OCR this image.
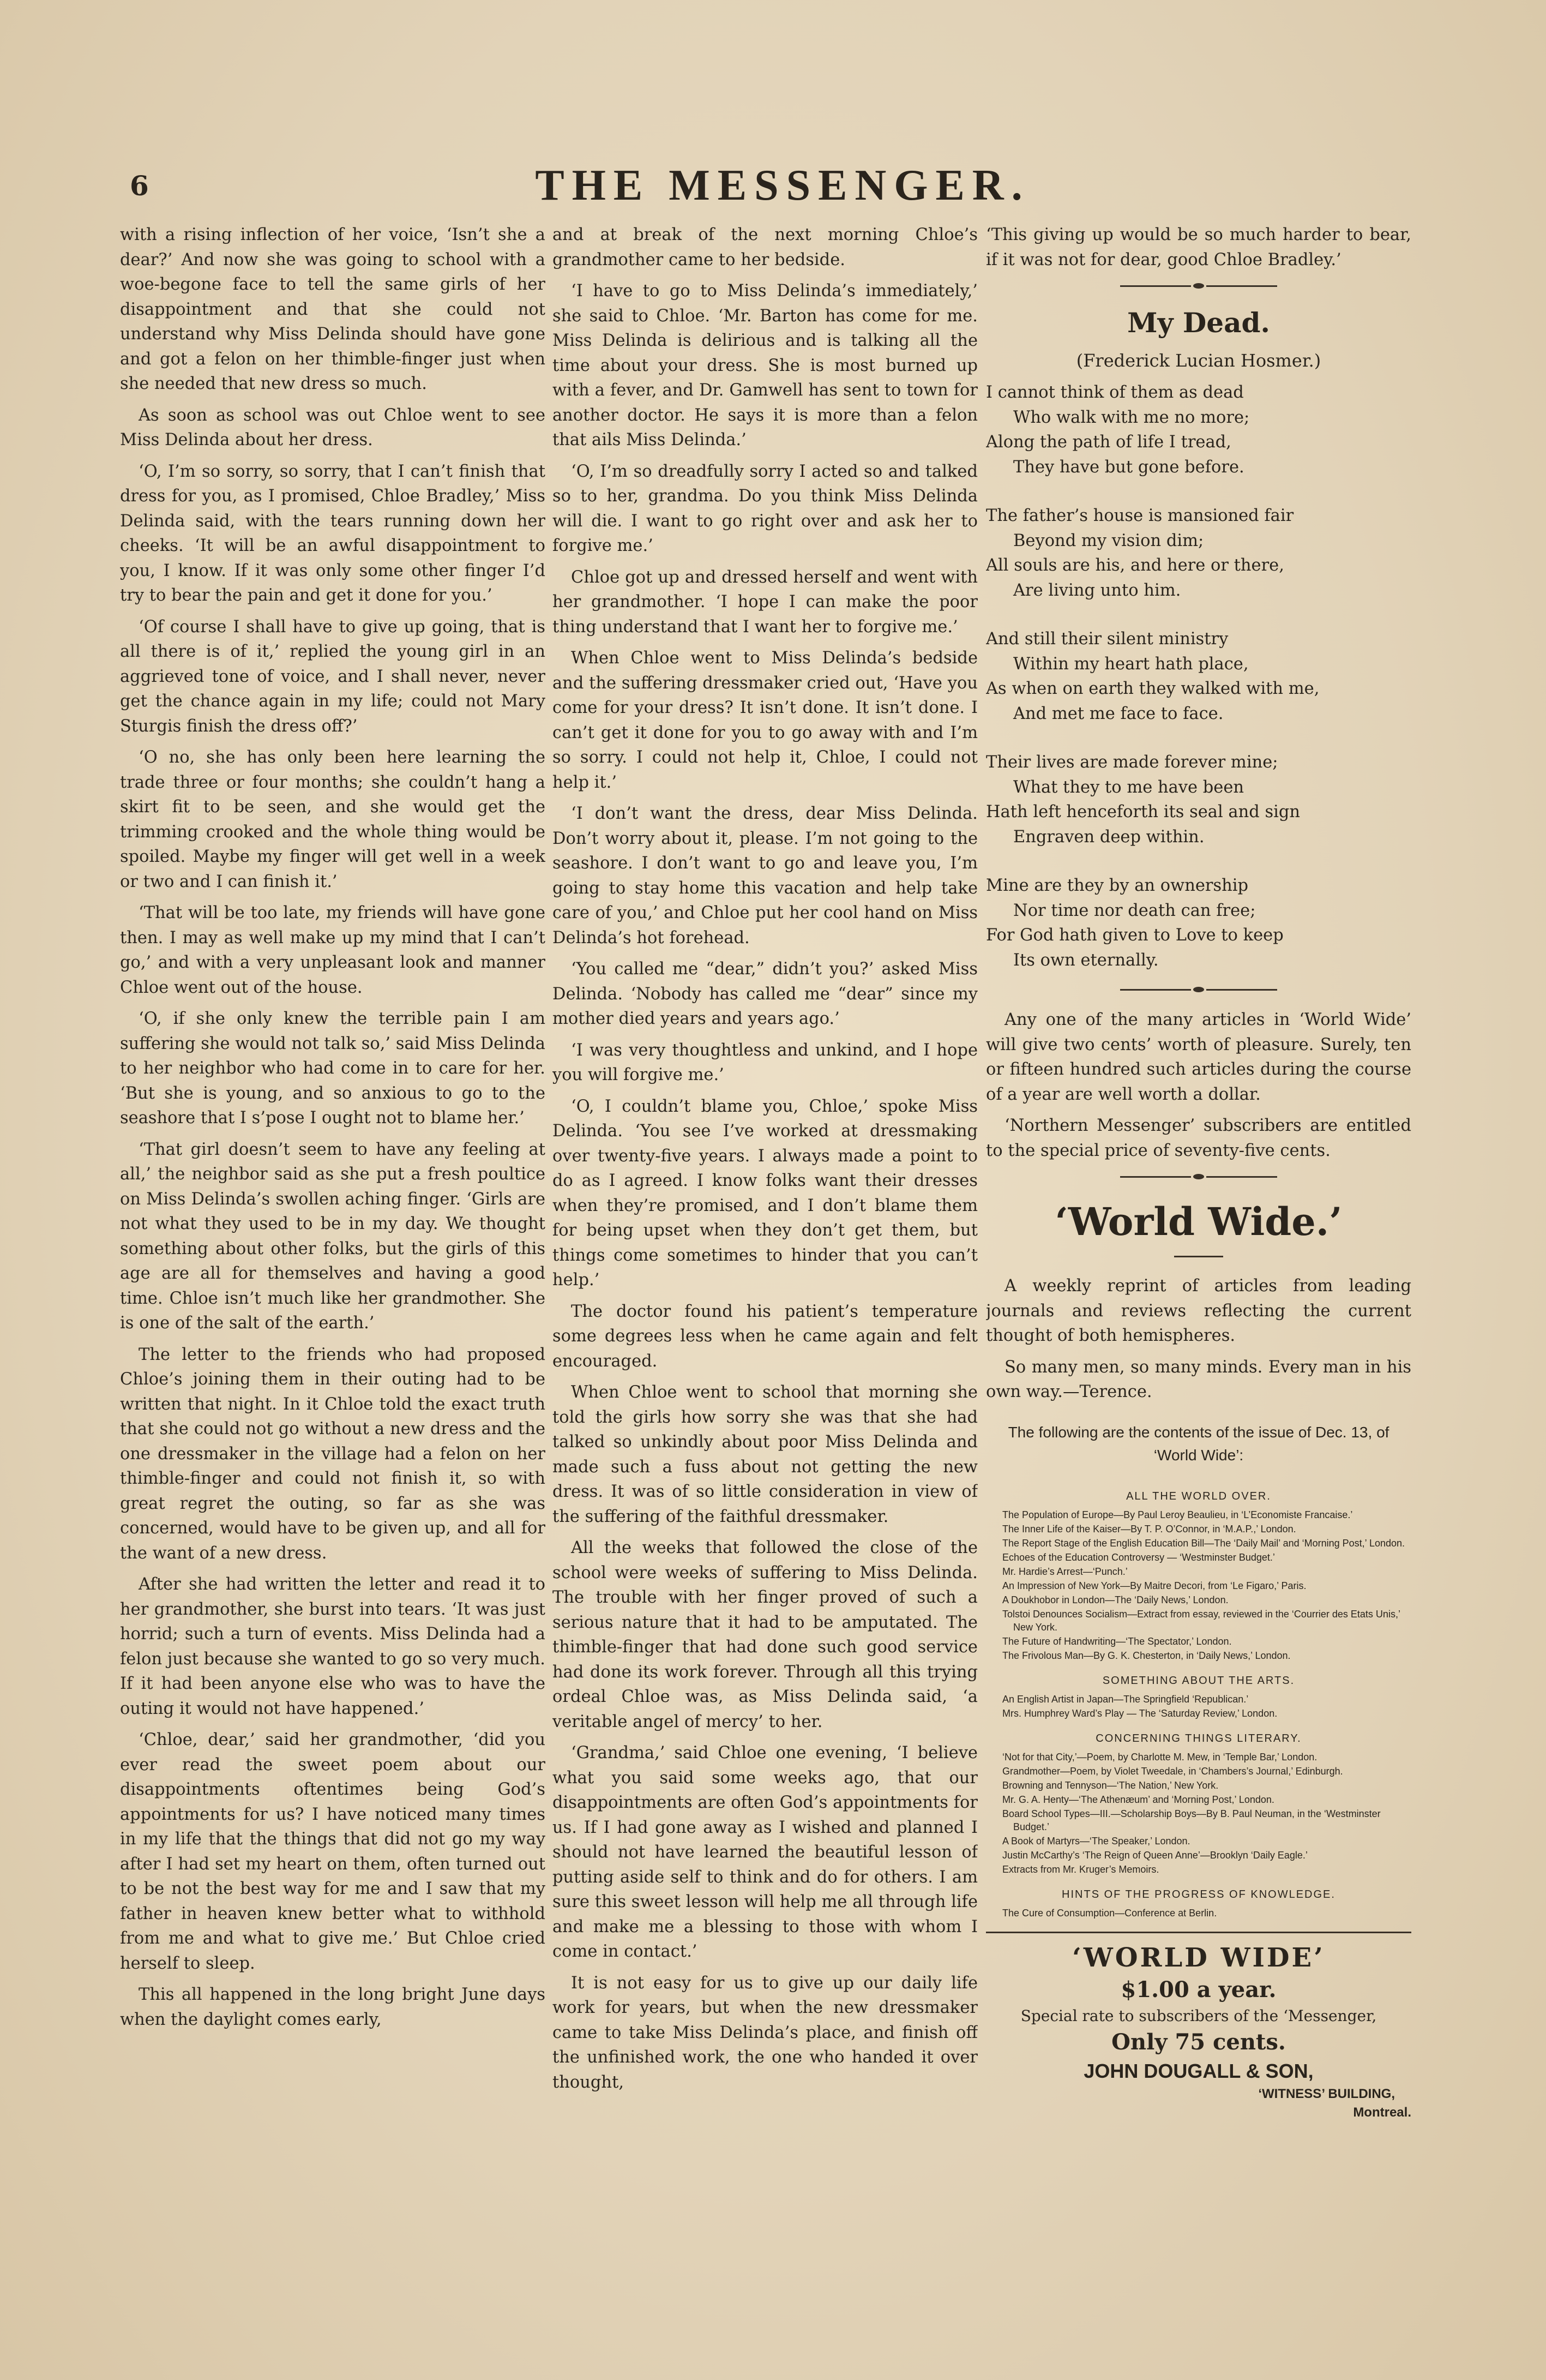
6	THE MESSENGER.

with a rising inflection of her voice, ‘Isn’t she a dear?’ And now she was going to school with a woe-begone face to tell the same girls of her disappointment and that she could not understand why Miss Delinda should have gone and got a felon on her thimble-finger just when she needed that new dress so much.

As soon as school was out Chloe went to see Miss Delinda about her dress.

‘O, I’m so sorry, so sorry, that I can’t finish that dress for you, as I promised, Chloe Bradley,’ Miss Delinda said, with the tears running down her cheeks. ‘It will be an awful disappointment to you, I know. If it was only some other finger I’d try to bear the pain and get it done for you.’

‘Of course I shall have to give up going, that is all there is of it,’ replied the young girl in an aggrieved tone of voice, and I shall never, never get the chance again in my life; could not Mary Sturgis finish the dress off?’

‘O no, she has only been here learning the trade three or four months; she couldn’t hang a skirt fit to be seen, and she would get the trimming crooked and the whole thing would be spoiled. Maybe my finger will get well in a week or two and I can finish it.’

‘That will be too late, my friends will have gone then. I may as well make up my mind that I can’t go,’ and with a very unpleasant look and manner Chloe went out of the house.

‘O, if she only knew the terrible pain I am suffering she would not talk so,’ said Miss Delinda to her neighbor who had come in to care for her. ‘But she is young, and so anxious to go to the seashore that I s’pose I ought not to blame her.’

‘That girl doesn’t seem to have any feeling at all,’ the neighbor said as she put a fresh poultice on Miss Delinda’s swollen aching finger. ‘Girls are not what they used to be in my day. We thought something about other folks, but the girls of this age are all for themselves and having a good time. Chloe isn’t much like her grandmother. She is one of the salt of the earth.’

The letter to the friends who had proposed Chloe’s joining them in their outing had to be written that night. In it Chloe told the exact truth that she could not go without a new dress and the one dressmaker in the village had a felon on her thimble-finger and could not finish it, so with great regret the outing, so far as she was concerned, would have to be given up, and all for the want of a new dress.

After she had written the letter and read it to her grandmother, she burst into tears. ‘It was just horrid; such a turn of events. Miss Delinda had a felon just because she wanted to go so very much. If it had been anyone else who was to have the outing it would not have happened.’

‘Chloe, dear,’ said her grandmother, ‘did you ever read the sweet poem about our disappointments oftentimes being God’s appointments for us? I have noticed many times in my life that the things that did not go my way after I had set my heart on them, often turned out to be not the best way for me and I saw that my father in heaven knew better what to withhold from me and what to give me.’ But Chloe cried herself to sleep.

This all happened in the long bright June days when the daylight comes early,

and at break of the next morning Chloe’s grandmother came to her bedside.

‘I have to go to Miss Delinda’s immediately,’ she said to Chloe. ‘Mr. Barton has come for me. Miss Delinda is delirious and is talking all the time about your dress. She is most burned up with a fever, and Dr. Gamwell has sent to town for another doctor. He says it is more than a felon that ails Miss Delinda.’

‘O, I’m so dreadfully sorry I acted so and talked so to her, grandma. Do you think Miss Delinda will die. I want to go right over and ask her to forgive me.’

Chloe got up and dressed herself and went with her grandmother. ‘I hope I can make the poor thing understand that I want her to forgive me.’

When Chloe went to Miss Delinda’s bedside and the suffering dressmaker cried out, ‘Have you come for your dress? It isn’t done. It isn’t done. I can’t get it done for you to go away with and I’m so sorry. I could not help it, Chloe, I could not help it.’

‘I don’t want the dress, dear Miss Delinda. Don’t worry about it, please. I’m not going to the seashore. I don’t want to go and leave you, I’m going to stay home this vacation and help take care of you,’ and Chloe put her cool hand on Miss Delinda’s hot forehead.

‘You called me “dear,” didn’t you?’ asked Miss Delinda. ‘Nobody has called me “dear” since my mother died years and years ago.’

‘I was very thoughtless and unkind, and I hope you will forgive me.’

‘O, I couldn’t blame you, Chloe,’ spoke Miss Delinda. ‘You see I’ve worked at dressmaking over twenty-five years. I always made a point to do as I agreed. I know folks want their dresses when they’re promised, and I don’t blame them for being upset when they don’t get them, but things come sometimes to hinder that you can’t help.’

The doctor found his patient’s temperature some degrees less when he came again and felt encouraged.

When Chloe went to school that morning she told the girls how sorry she was that she had talked so unkindly about poor Miss Delinda and made such a fuss about not getting the new dress. It was of so little consideration in view of the suffering of the faithful dressmaker.

All the weeks that followed the close of the school were weeks of suffering to Miss Delinda. The trouble with her finger proved of such a serious nature that it had to be amputated. The thimble-finger that had done such good service had done its work forever. Through all this trying ordeal Chloe was, as Miss Delinda said, ‘a veritable angel of mercy’ to her.

‘Grandma,’ said Chloe one evening, ‘I believe what you said some weeks ago, that our disappointments are often God’s appointments for us. If I had gone away as I wished and planned I should not have learned the beautiful lesson of putting aside self to think and do for others. I am sure this sweet lesson will help me all through life and make me a blessing to those with whom I come in contact.’

It is not easy for us to give up our daily life work for years, but when the new dressmaker came to take Miss Delinda’s place, and finish off the unfinished work, the one who handed it over thought,

‘This giving up would be so much harder to bear, if it was not for dear, good Chloe Bradley.’

My Dead.
(Frederick Lucian Hosmer.)
I cannot think of them as dead
Who walk with me no more;
Along the path of life I tread,
They have but gone before.
The father’s house is mansioned fair
Beyond my vision dim;
All souls are his, and here or there,
Are living unto him.
And still their silent ministry
Within my heart hath place,
As when on earth they walked with me,
And met me face to face.
Their lives are made forever mine;
What they to me have been
Hath left henceforth its seal and sign
Engraven deep within.
Mine are they by an ownership
Nor time nor death can free;
For God hath given to Love to keep
Its own eternally.

Any one of the many articles in ‘World Wide’ will give two cents’ worth of pleasure. Surely, ten or fifteen hundred such articles during the course of a year are well worth a dollar.

‘Northern Messenger’ subscribers are entitled to the special price of seventy-five cents.

‘World Wide.’

A weekly reprint of articles from leading journals and reviews reflecting the current thought of both hemispheres.

So many men, so many minds. Every man in his own way.—Terence.

The following are the contents of the issue of Dec. 13, of ‘World Wide’:
ALL THE WORLD OVER.
The Population of Europe—By Paul Leroy Beaulieu, in ‘L’Economiste Francaise.’
The Inner Life of the Kaiser—By T. P. O’Connor, in ‘M.A.P.,’ London.
The Report Stage of the English Education Bill—The ‘Daily Mail’ and ‘Morning Post,’ London.
Echoes of the Education Controversy — ‘Westminster Budget.’
Mr. Hardie’s Arrest—‘Punch.’
An Impression of New York—By Maitre Decori, from ‘Le Figaro,’ Paris.
A Doukhobor in London—The ‘Daily News,’ London.
Tolstoi Denounces Socialism—Extract from essay, reviewed in the ‘Courrier des Etats Unis,’ New York.
The Future of Handwriting—‘The Spectator,’ London.
The Frivolous Man—By G. K. Chesterton, in ‘Daily News,’ London.
SOMETHING ABOUT THE ARTS.
An English Artist in Japan—The Springfield ‘Republican.’
Mrs. Humphrey Ward’s Play — The ‘Saturday Review,’ London.
CONCERNING THINGS LITERARY.
‘Not for that City,’—Poem, by Charlotte M. Mew, in ‘Temple Bar,’ London.
Grandmother—Poem, by Violet Tweedale, in ‘Chambers’s Journal,’ Edinburgh.
Browning and Tennyson—‘The Nation,’ New York.
Mr. G. A. Henty—‘The Athenæum’ and ‘Morning Post,’ London.
Board School Types—III.—Scholarship Boys—By B. Paul Neuman, in the ‘Westminster Budget.’
A Book of Martyrs—‘The Speaker,’ London.
Justin McCarthy’s ‘The Reign of Queen Anne’—Brooklyn ‘Daily Eagle.’
Extracts from Mr. Kruger’s Memoirs.
HINTS OF THE PROGRESS OF KNOWLEDGE.
The Cure of Consumption—Conference at Berlin.
‘WORLD WIDE’
$1.00 a year.
Special rate to subscribers of the ‘Messenger,
Only 75 cents.
JOHN DOUGALL & SON,
‘WITNESS’ BUILDING,
Montreal.
